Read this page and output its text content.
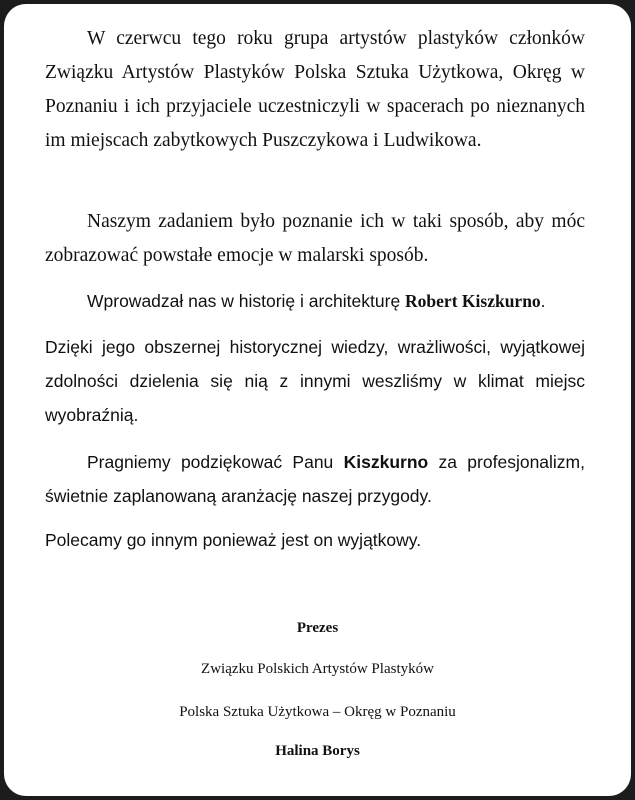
W czerwcu tego roku grupa artystów plastyków członków Związku Artystów Plastyków Polska Sztuka Użytkowa, Okręg w Poznaniu i ich przyjaciele uczestniczyli w spacerach po nieznanych im miejscach zabytkowych Puszczykowa i Ludwikowa.

Naszym zadaniem było poznanie ich w taki sposób, aby móc zobrazować powstałe emocje w malarski sposób.

Wprowadzał nas w historię i architekturę Robert Kiszkurno.

Dzięki jego obszernej historycznej wiedzy, wrażliwości, wyjątkowej zdolności dzielenia się nią z innymi weszliśmy w klimat miejsc wyobraźnią.

Pragniemy podziękować Panu Kiszkurno za profesjonalizm, świetnie zaplanowaną aranżację naszej przygody.

Polecamy go innym ponieważ jest on wyjątkowy.

Prezes
Związku Polskich Artystów Plastyków
Polska Sztuka Użytkowa – Okręg w Poznaniu
Halina Borys
